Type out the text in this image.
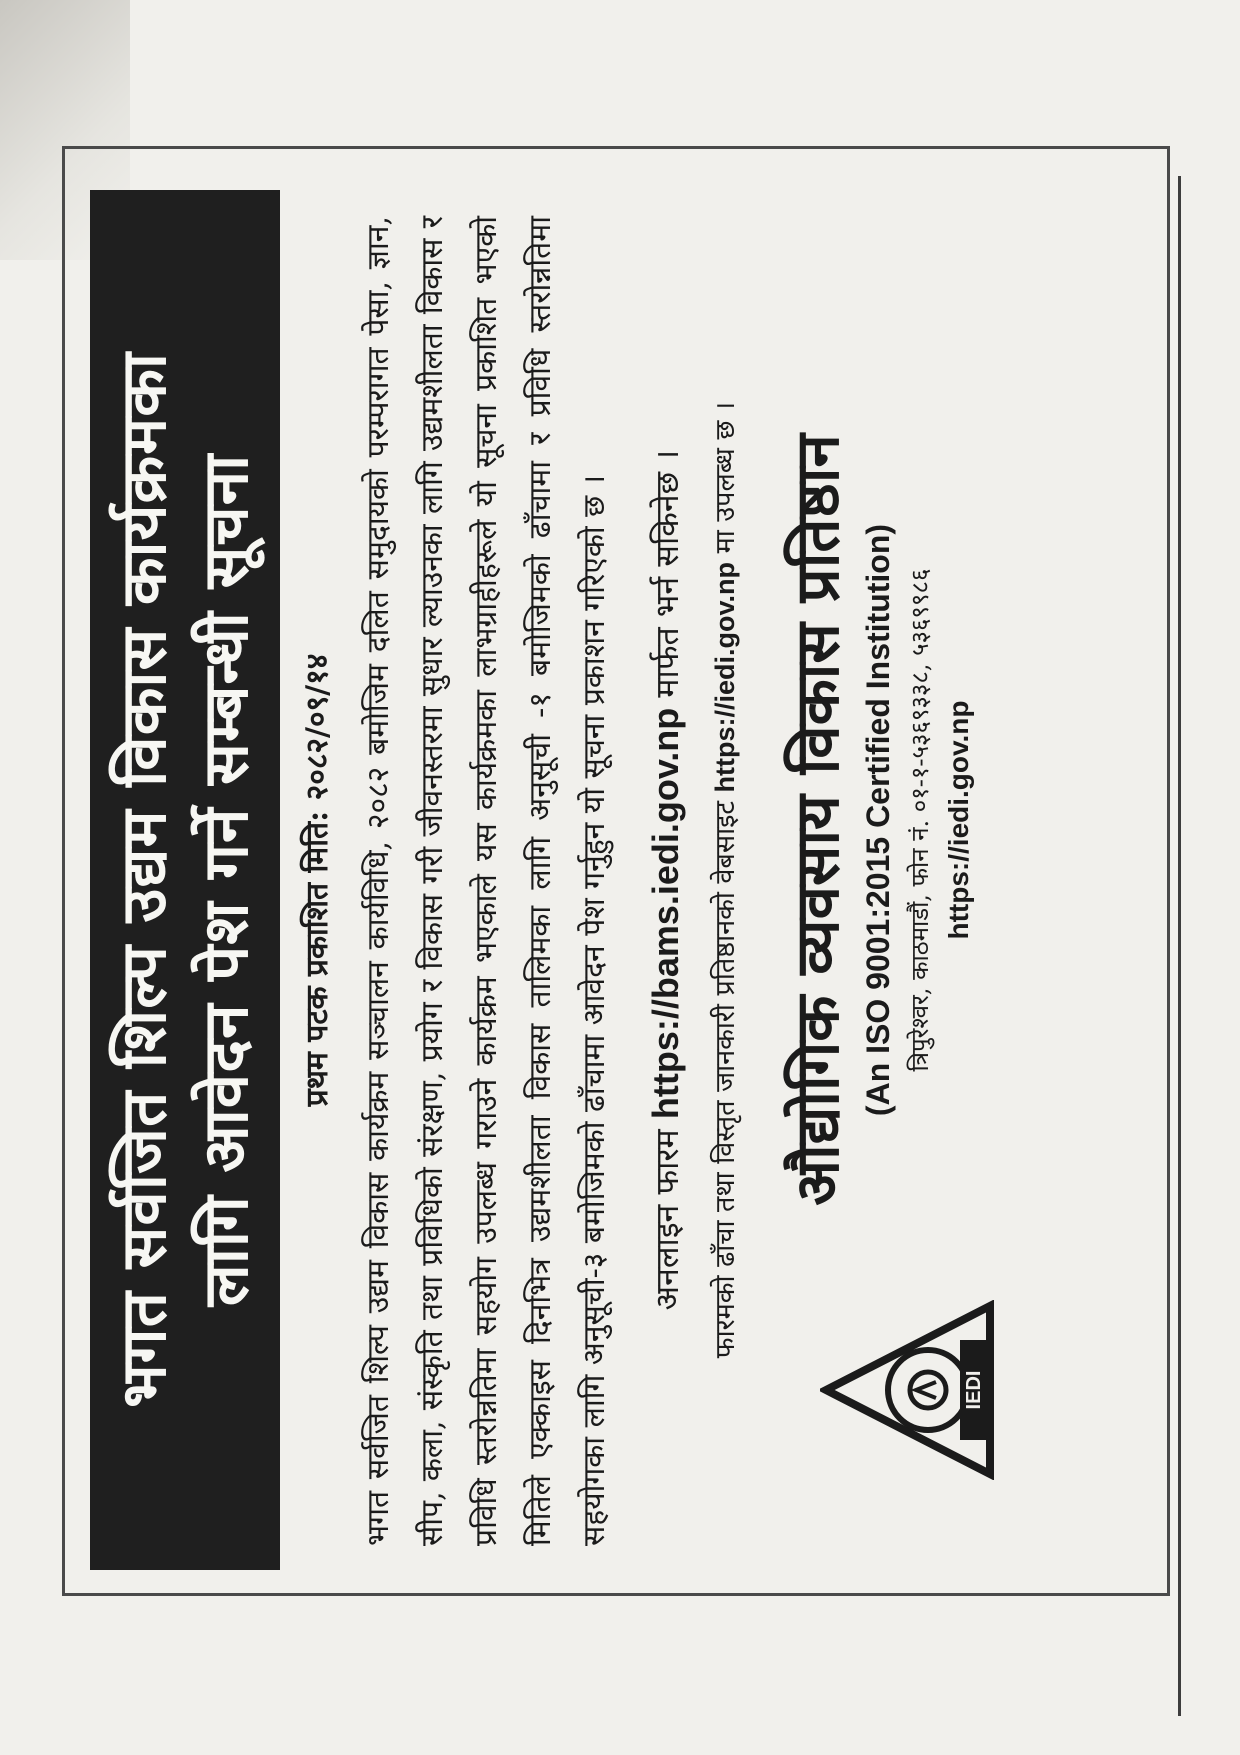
भगत सर्वजित शिल्प उद्यम विकास कार्यक्रमका लागि आवेदन पेश गर्ने सम्बन्धी सूचना प्रथम पटक प्रकाशित मिति: २०८२/०९/१४ भगत सर्वजित शिल्प उद्यम विकास कार्यक्रम सञ्चालन कार्यविधि, २०८२ बमोजिम दलित समुदायको परम्परागत पेसा, ज्ञान, सीप, कला, संस्कृति तथा प्रविधिको संरक्षण, प्रयोग र विकास गरी जीवनस्तरमा सुधार ल्याउनका लागि उद्यमशीलता विकास र प्रविधि स्तरोन्नतिमा सहयोग उपलब्ध गराउने कार्यक्रम भएकाले यस कार्यक्रमका लाभग्राहीहरूले यो सूचना प्रकाशित भएको मितिले एक्काइस दिनभित्र उद्यमशीलता विकास तालिमका लागि अनुसूची -१ बमोजिमको ढाँचामा र प्रविधि स्तरोन्नतिमा सहयोगका लागि अनुसूची-३ बमोजिमको ढाँचामा आवेदन पेश गर्नुहुन यो सूचना प्रकाशन गरिएको छ ।	अनलाइन फारम https://bams.iedi.gov.np मार्फत भर्न सकिनेछ ।
फारमको ढाँचा तथा विस्तृत जानकारी प्रतिष्ठानको वेबसाइट https://iedi.gov.np मा उपलब्ध छ ।
IEDI
औद्योगिक व्यवसाय विकास प्रतिष्ठान (An ISO 9001:2015 Certified Institution) त्रिपुरेश्वर, काठमाडौं, फोन नं. ०१-१-५३६९३३८, ५३६९९८६ https://iedi.gov.np
